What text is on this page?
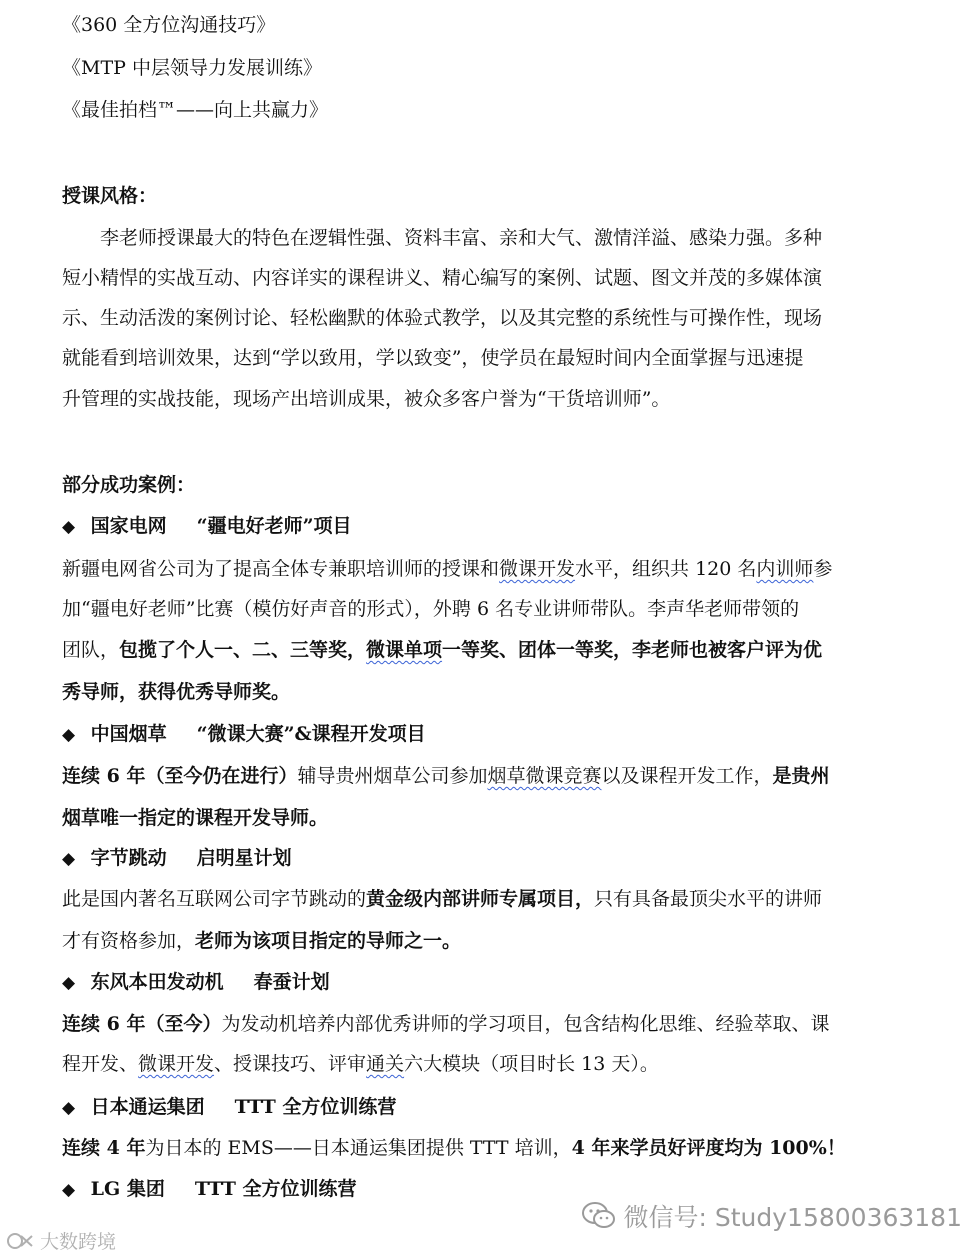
《360 全方位沟通技巧》
《MTP 中层领导力发展训练》
《最佳拍档™——向上共赢力》
授课风格：
李老师授课最大的特色在逻辑性强、资料丰富、亲和大气、激情洋溢、感染力强。多种
短小精悍的实战互动、内容详实的课程讲义、精心编写的案例、试题、图文并茂的多媒体演
示、生动活泼的案例讨论、轻松幽默的体验式教学，以及其完整的系统性与可操作性，现场
就能看到培训效果，达到“学以致用，学以致变”，使学员在最短时间内全面掌握与迅速提
升管理的实战技能，现场产出培训成果，被众多客户誉为“干货培训师”。
部分成功案例：
◆ 国家电网 “疆电好老师”项目
新疆电网省公司为了提高全体专兼职培训师的授课和微课开发水平，组织共 120 名内训师参
加“疆电好老师”比赛（模仿好声音的形式），外聘 6 名专业讲师带队。李声华老师带领的
团队，包揽了个人一、二、三等奖，微课单项一等奖、团体一等奖，李老师也被客户评为优
秀导师，获得优秀导师奖。
◆ 中国烟草 “微课大赛”&课程开发项目
连续 6 年（至今仍在进行）辅导贵州烟草公司参加烟草微课竞赛以及课程开发工作，是贵州
烟草唯一指定的课程开发导师。
◆ 字节跳动 启明星计划
此是国内著名互联网公司字节跳动的黄金级内部讲师专属项目，只有具备最顶尖水平的讲师
才有资格参加，老师为该项目指定的导师之一。
◆ 东风本田发动机 春蚕计划
连续 6 年（至今）为发动机培养内部优秀讲师的学习项目，包含结构化思维、经验萃取、课
程开发、微课开发、授课技巧、评审通关六大模块（项目时长 13 天）。
◆ 日本通运集团 TTT 全方位训练营
连续 4 年为日本的 EMS——日本通运集团提供 TTT 培训，4 年来学员好评度均为 100%！
◆ LG 集团 TTT 全方位训练营
微信号: Study15800363181
大数跨境
